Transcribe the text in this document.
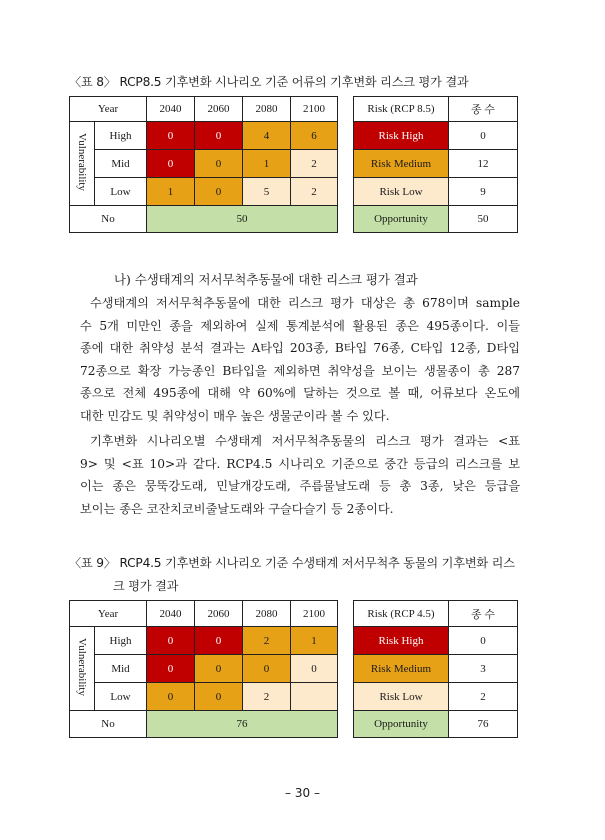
〈표 8〉 RCP8.5 기후변화 시나리오 기준 어류의 기후변화 리스크 평가 결과
Year		2040	2060	2080	2100
Vulnerability	High	0	0	4	6
	Mid	0	0	1	2
	Low	1	0	5	2
No		50			
Risk (RCP 8.5)	종 수
Risk High	0
Risk Medium	12
Risk Low	9
Opportunity	50
나) 수생태계의 저서무척추동물에 대한 리스크 평가 결과
수생태계의 저서무척추동물에 대한 리스크 평가 대상은 총 678이며 sample
수 5개 미만인 종을 제외하여 실제 통계분석에 활용된 종은 495종이다. 이들
종에 대한 취약성 분석 결과는 A타입 203종, B타입 76종, C타입 12종, D타입
72종으로 확장 가능종인 B타입을 제외하면 취약성을 보이는 생물종이 총 287
종으로 전체 495종에 대해 약 60%에 달하는 것으로 볼 때, 어류보다 온도에
대한 민감도 및 취약성이 매우 높은 생물군이라 볼 수 있다.
기후변화 시나리오별 수생태계 저서무척추동물의 리스크 평가 결과는 <표
9> 및 <표 10>과 같다. RCP4.5 시나리오 기준으로 중간 등급의 리스크를 보
이는 종은 뭉뚝강도래, 민날개강도래, 주름물날도래 등 총 3종, 낮은 등급을
보이는 종은 코잔치코비줄날도래와 구슬다슬기 등 2종이다.
〈표 9〉 RCP4.5 기후변화 시나리오 기준 수생태계 저서무척추 동물의 기후변화 리스
크 평가 결과
Year		2040	2060	2080	2100
Vulnerability	High	0	0	2	1
	Mid	0	0	0	0
	Low	0	0	2	
No		76			
Risk (RCP 4.5)	종 수
Risk High	0
Risk Medium	3
Risk Low	2
Opportunity	76
– 30 –
